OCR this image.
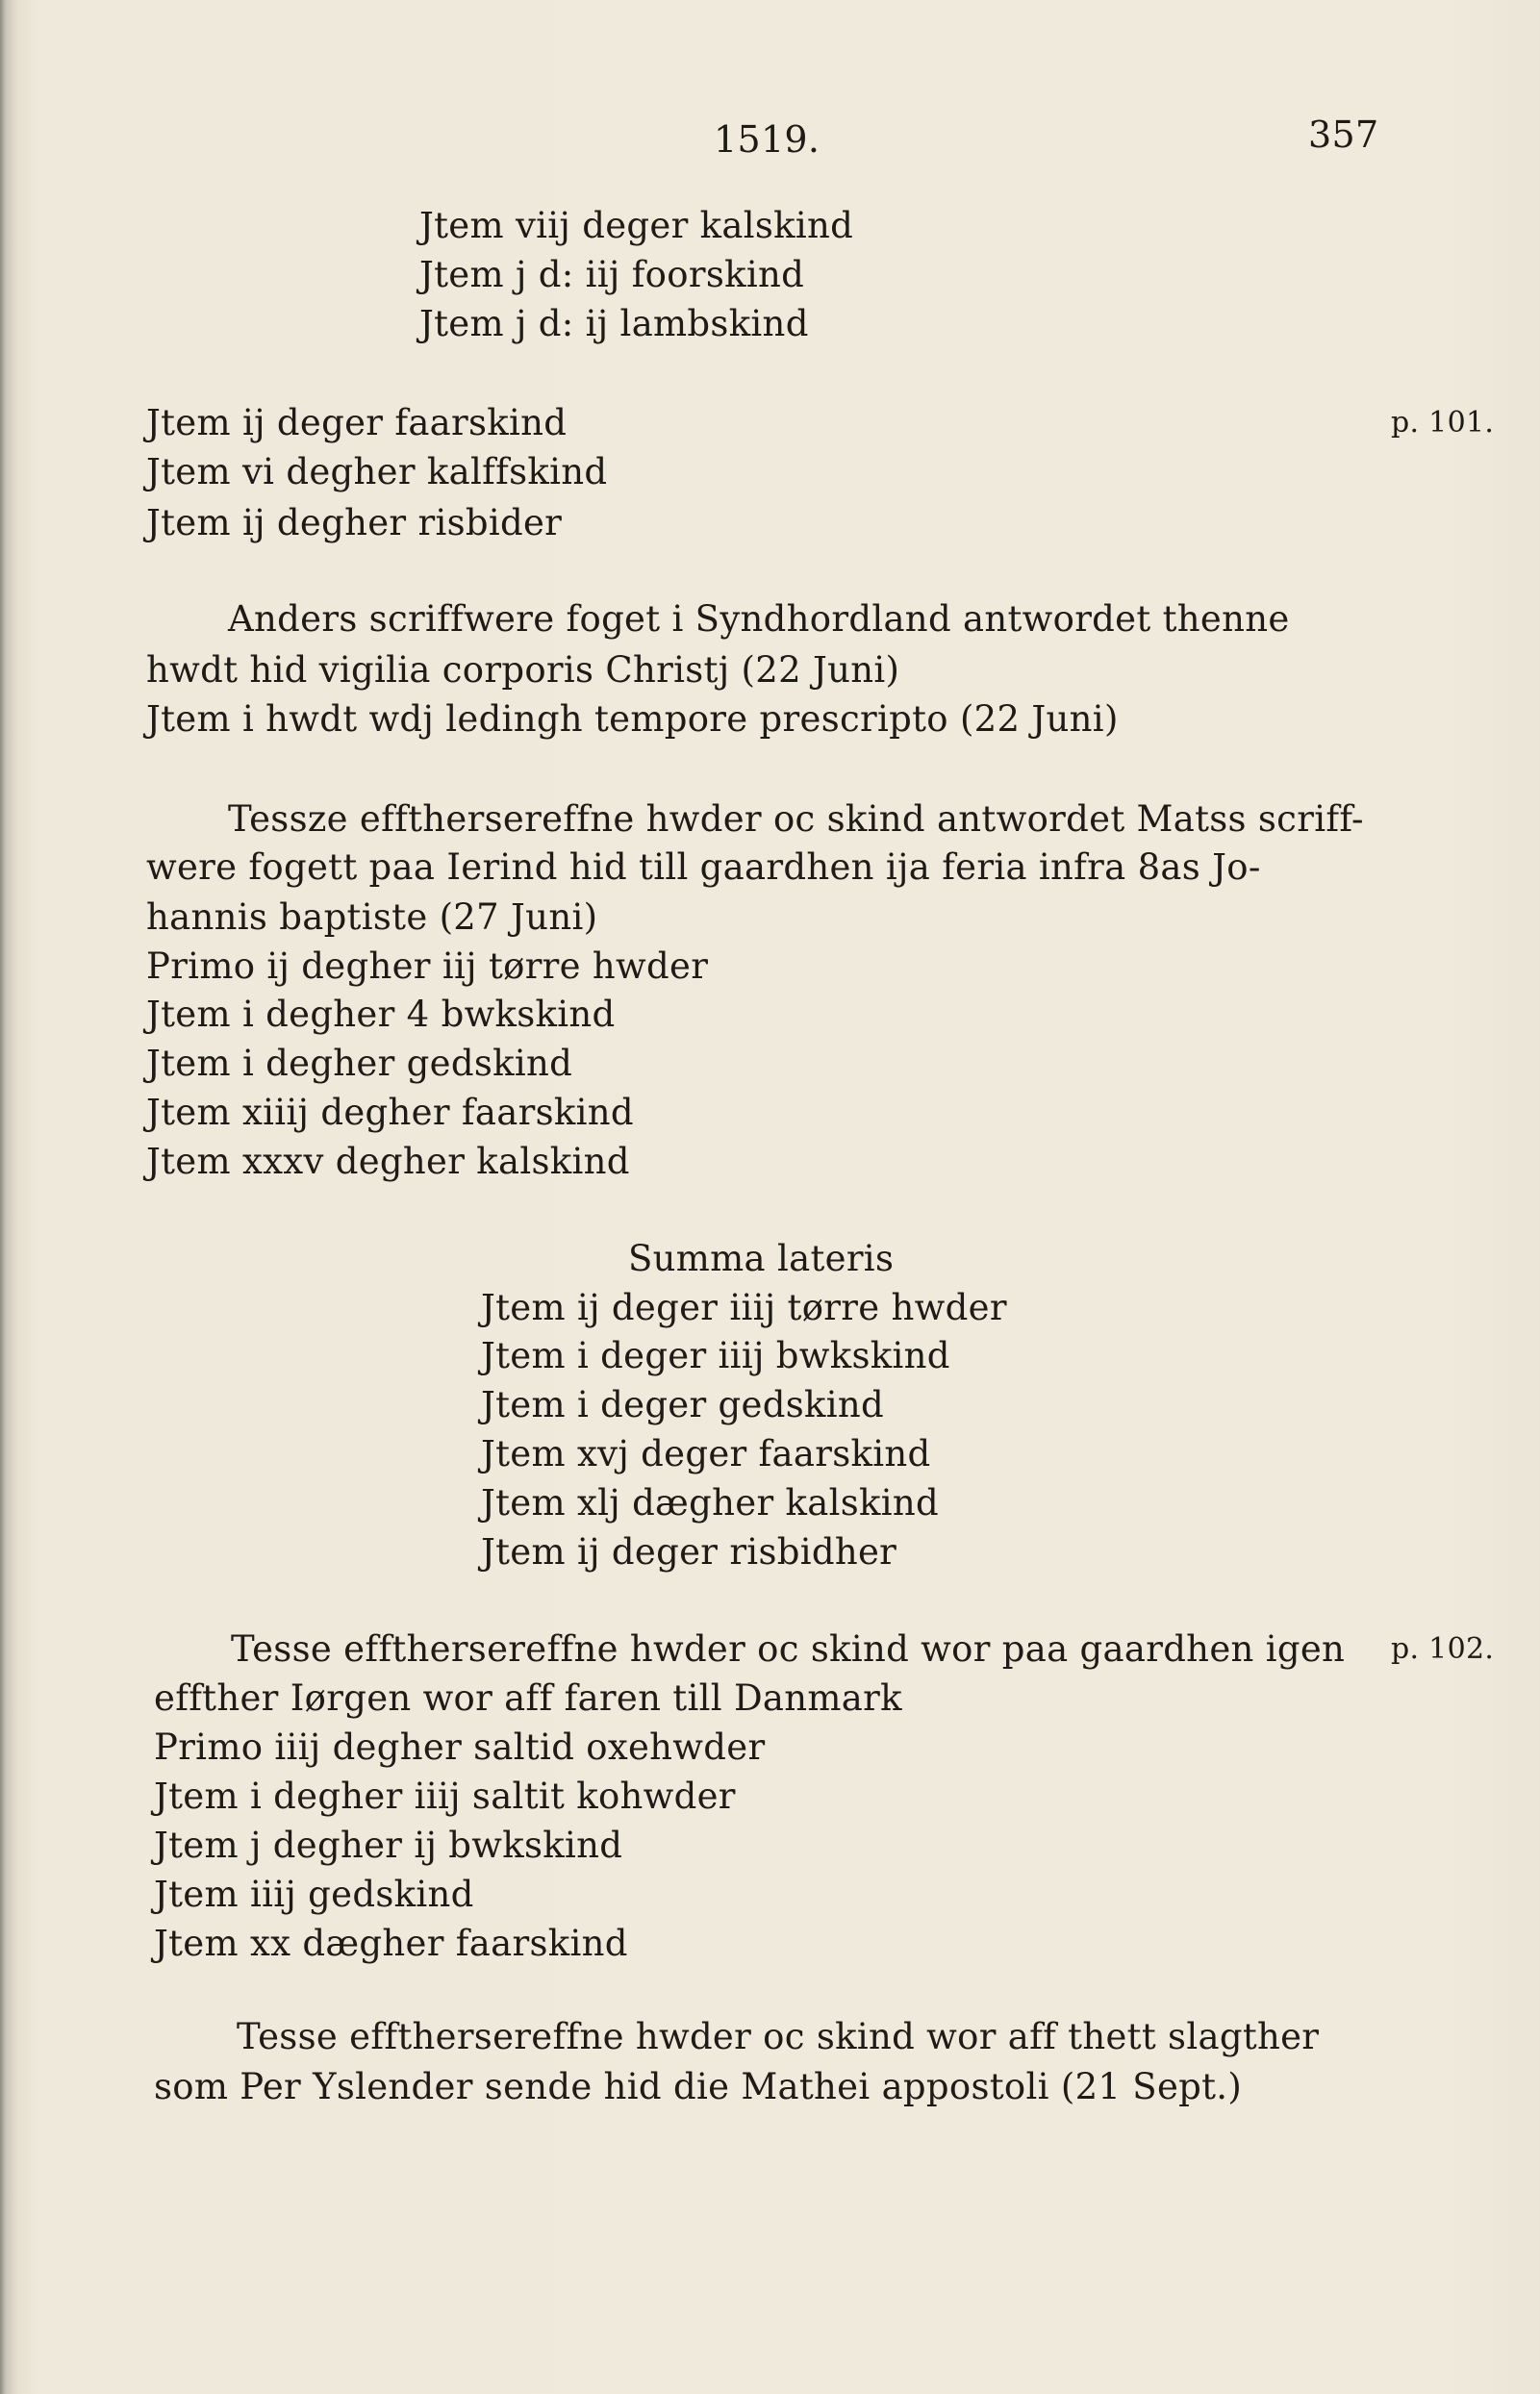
1519.	357
Jtem viij deger kalskind
Jtem j d: iij foorskind
Jtem j d: ij lambskind
Jtem ij deger faarskind	p. 101.
Jtem vi degher kalffskind
Jtem ij degher risbider
Anders scriffwere foget i Syndhordland antwordet thenne
hwdt hid vigilia corporis Christj (22 Juni)
Jtem i hwdt wdj ledingh tempore prescripto (22 Juni)
Tessze effthersereffne hwder oc skind antwordet Matss scriff-
were fogett paa Ierind hid till gaardhen ija feria infra 8as Jo-
hannis baptiste (27 Juni)
Primo ij degher iij tørre hwder
Jtem i degher 4 bwkskind
Jtem i degher gedskind
Jtem xiiij degher faarskind
Jtem xxxv degher kalskind
Summa lateris
Jtem ij deger iiij tørre hwder
Jtem i deger iiij bwkskind
Jtem i deger gedskind
Jtem xvj deger faarskind
Jtem xlj dægher kalskind
Jtem ij deger risbidher
Tesse effthersereffne hwder oc skind wor paa gaardhen igen p. 102.
effther Iørgen wor aff faren till Danmark
Primo iiij degher saltid oxehwder
Jtem i degher iiij saltit kohwder
Jtem j degher ij bwkskind
Jtem iiij gedskind
Jtem xx dægher faarskind
Tesse effthersereffne hwder oc skind wor aff thett slagther
som Per Yslender sende hid die Mathei appostoli (21 Sept.)
